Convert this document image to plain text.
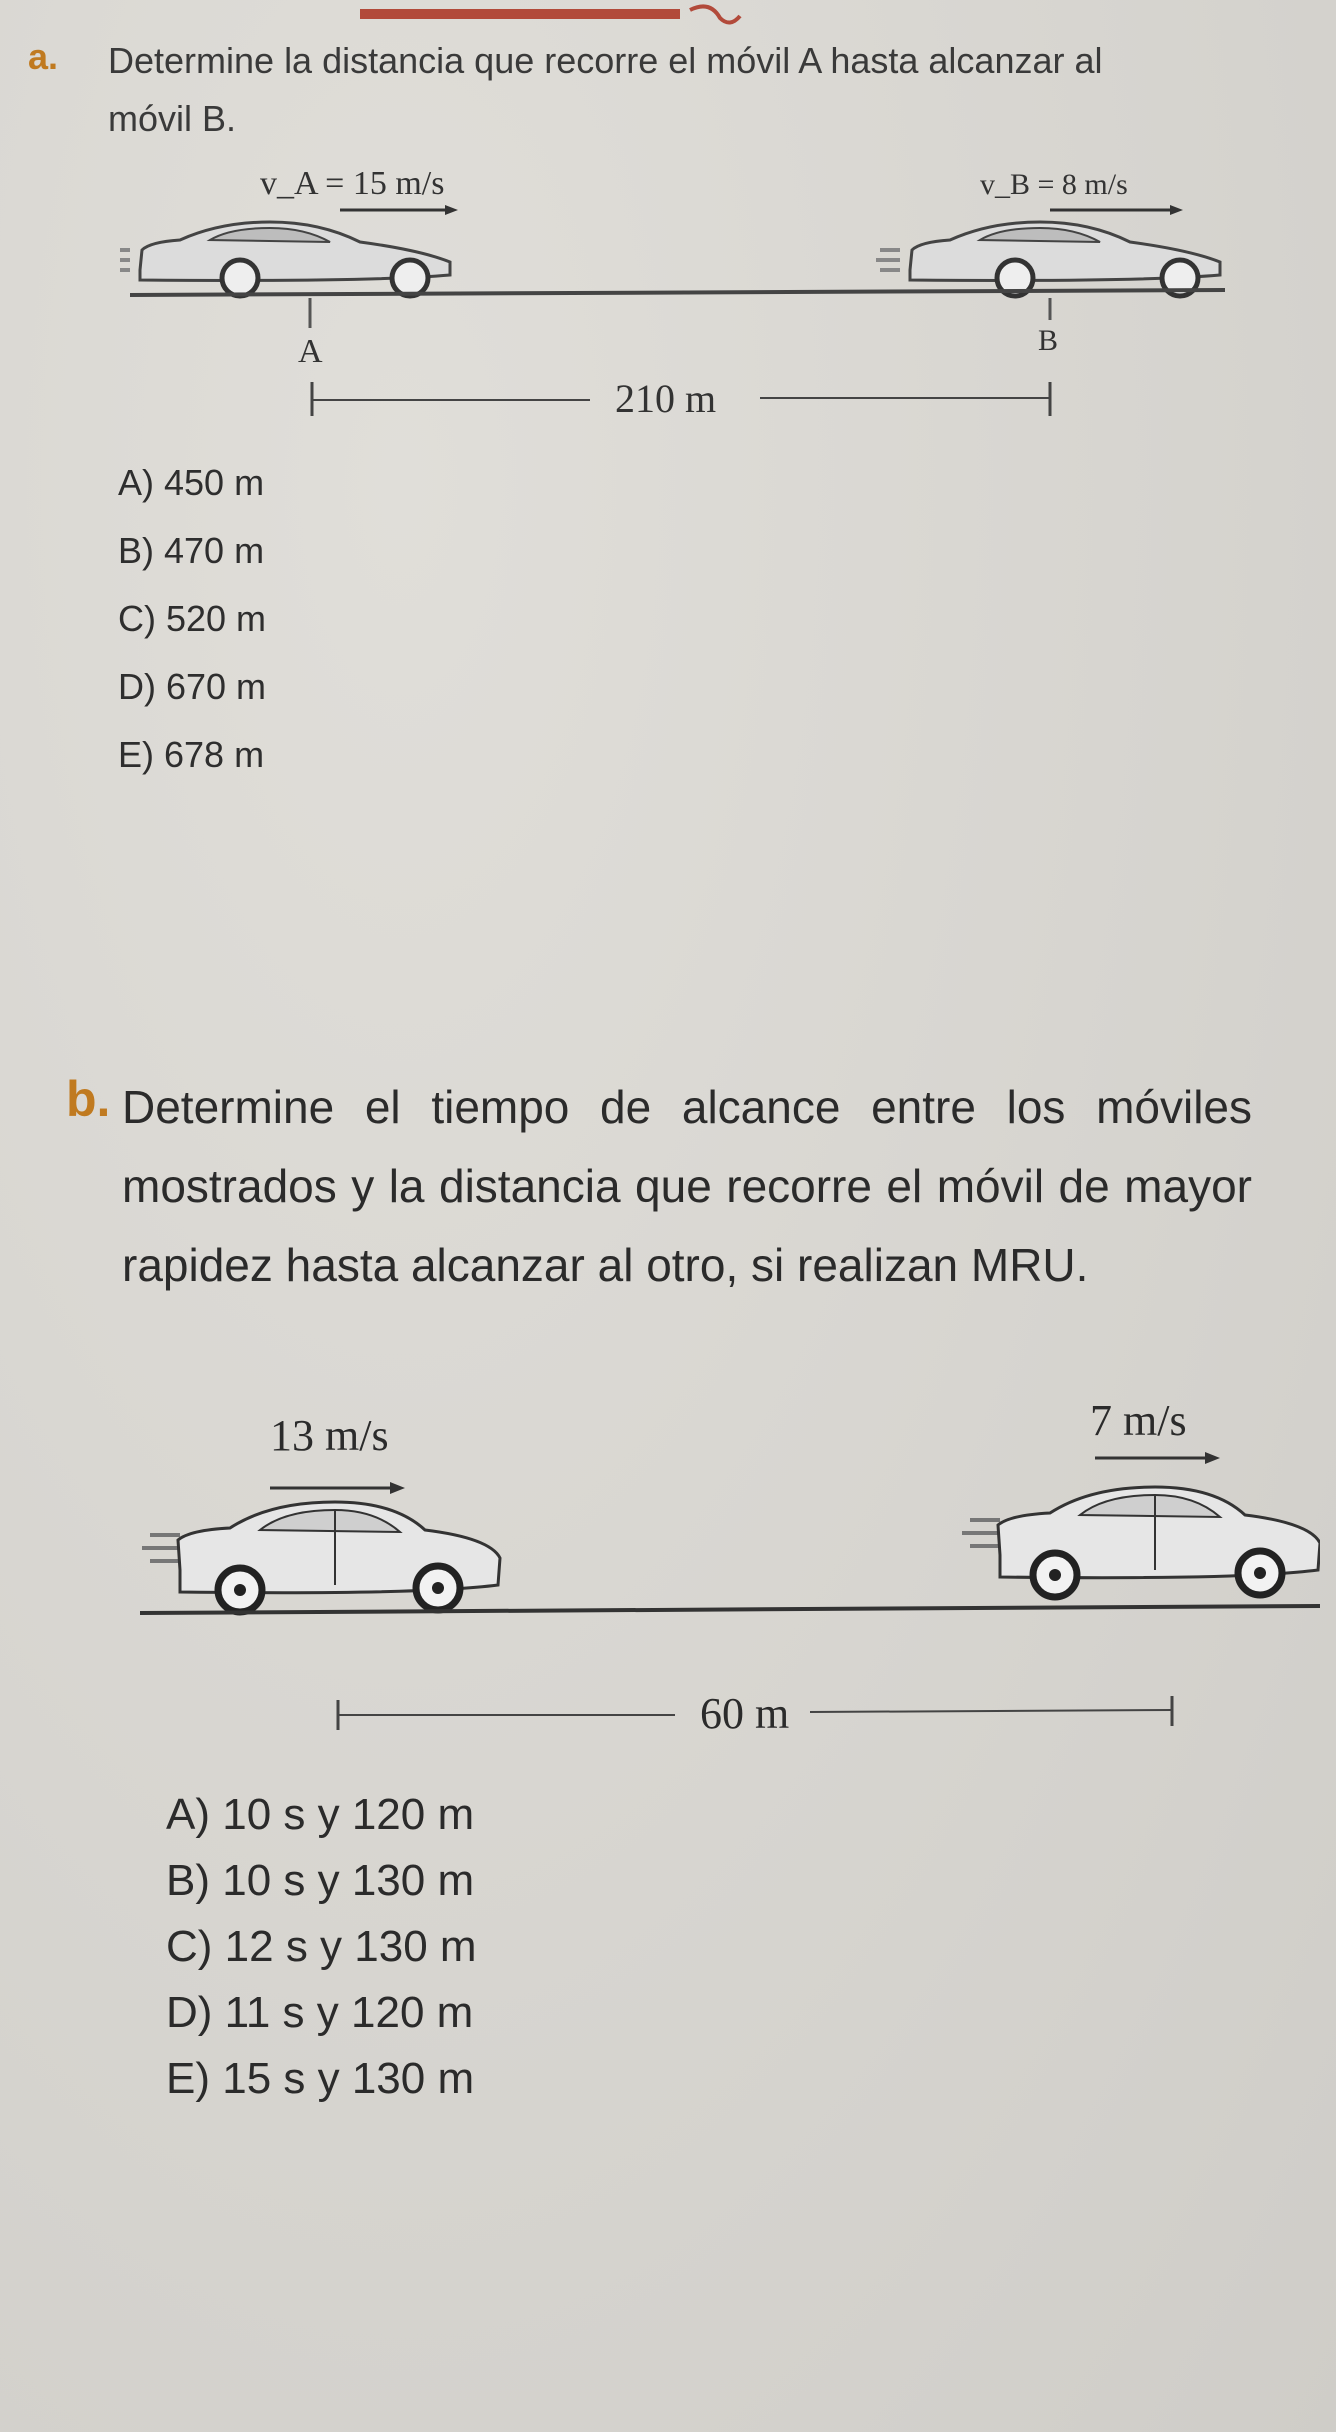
a. Determine la distancia que recorre el móvil A hasta alcanzar al móvil B.
v_A = 15 m/s	v_B = 8 m/s
A	B
210 m
A) 450 m
B) 470 m
C) 520 m
D) 670 m
E) 678 m
b. Determine el tiempo de alcance entre los móviles mostrados y la distancia que recorre el móvil de mayor rapidez hasta alcanzar al otro, si realizan MRU.
13 m/s	7 m/s
60 m
A) 10 s y 120 m
B) 10 s y 130 m
C) 12 s y 130 m
D) 11 s y 120 m
E) 15 s y 130 m
